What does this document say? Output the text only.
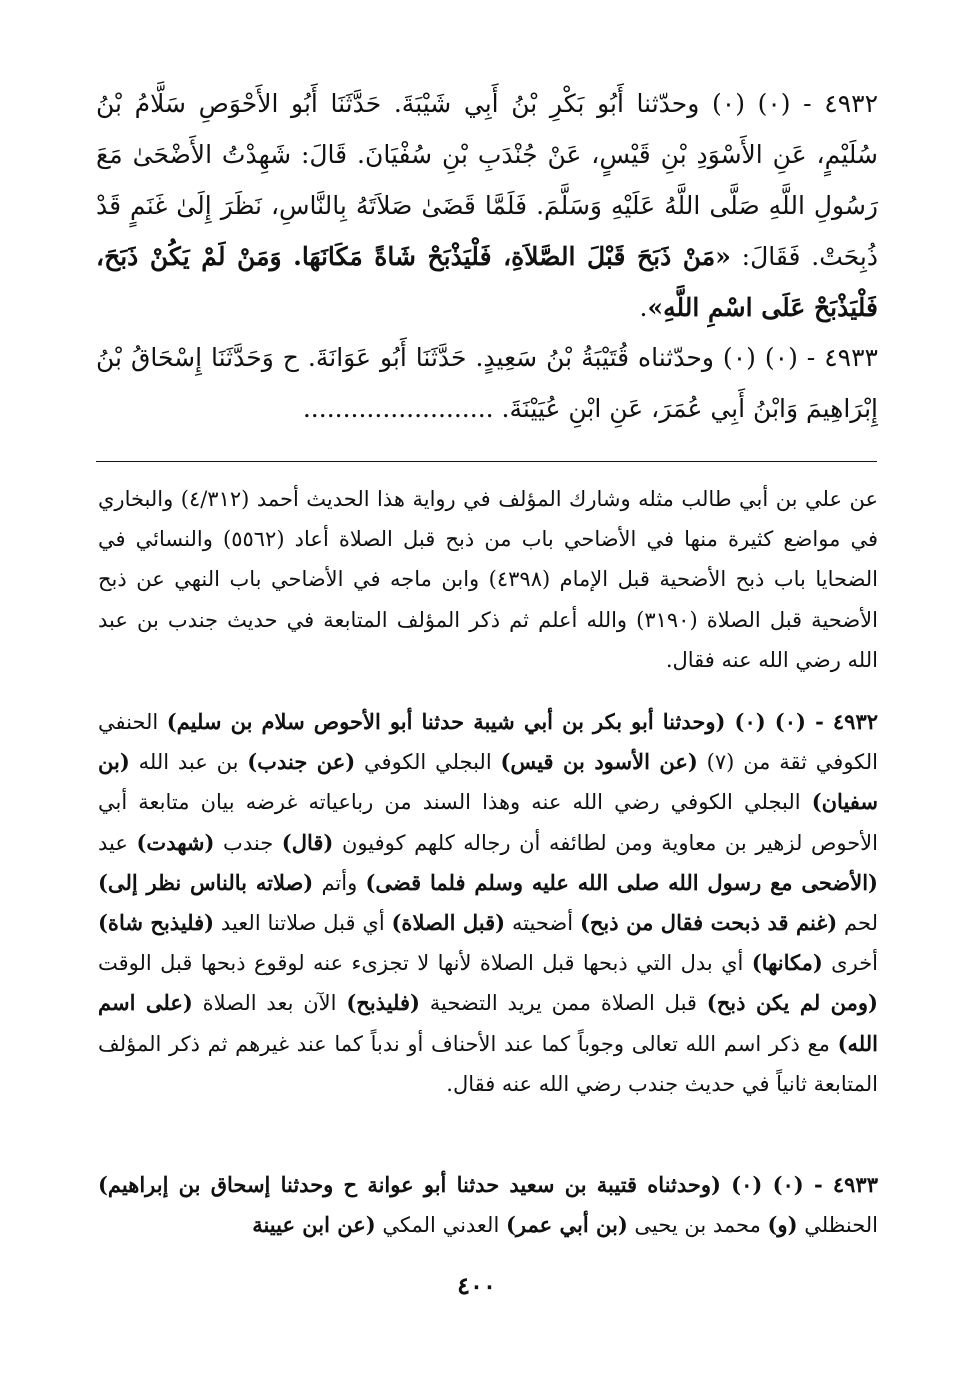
٤٩٣٢ - (٠) (٠) وحدّثنا أَبُو بَكْرِ بْنُ أَبِي شَيْبَةَ. حَدَّثَنَا أَبُو الأَحْوَصِ سَلَّامُ بْنُ سُلَيْمٍ، عَنِ الأَسْوَدِ بْنِ قَيْسٍ، عَنْ جُنْدَبِ بْنِ سُفْيَانَ. قَالَ: شَهِدْتُ الأَضْحَىٰ مَعَ رَسُولِ اللَّهِ صَلَّى اللَّهُ عَلَيْهِ وَسَلَّمَ. فَلَمَّا قَضَىٰ صَلاَتَهُ بِالنَّاسِ، نَظَرَ إِلَىٰ غَنَمٍ قَدْ ذُبِحَتْ. فَقَالَ: «مَنْ ذَبَحَ قَبْلَ الصَّلاَةِ، فَلْيَذْبَحْ شَاةً مَكَانَهَا. وَمَنْ لَمْ يَكُنْ ذَبَحَ، فَلْيَذْبَحْ عَلَى اسْمِ اللَّهِ».

٤٩٣٣ - (٠) (٠) وحدّثناه قُتَيْبَةُ بْنُ سَعِيدٍ. حَدَّثَنَا أَبُو عَوَانَةَ. ح وَحَدَّثَنَا إِسْحَاقُ بْنُ إِبْرَاهِيمَ وَابْنُ أَبِي عُمَرَ، عَنِ ابْنِ عُيَيْنَةَ. ........................

عن علي بن أبي طالب مثله وشارك المؤلف في رواية هذا الحديث أحمد (٤/٣١٢) والبخاري في مواضع كثيرة منها في الأضاحي باب من ذبح قبل الصلاة أعاد (٥٥٦٢) والنسائي في الضحايا باب ذبح الأضحية قبل الإمام (٤٣٩٨) وابن ماجه في الأضاحي باب النهي عن ذبح الأضحية قبل الصلاة (٣١٩٠) والله أعلم ثم ذكر المؤلف المتابعة في حديث جندب بن عبد الله رضي الله عنه فقال.

٤٩٣٢ - (٠) (٠) (وحدثنا أبو بكر بن أبي شيبة حدثنا أبو الأحوص سلام بن سليم) الحنفي الكوفي ثقة من (٧) (عن الأسود بن قيس) البجلي الكوفي (عن جندب) بن عبد الله (بن سفيان) البجلي الكوفي رضي الله عنه وهذا السند من رباعياته غرضه بيان متابعة أبي الأحوص لزهير بن معاوية ومن لطائفه أن رجاله كلهم كوفيون (قال) جندب (شهدت) عيد (الأضحى مع رسول الله صلى الله عليه وسلم فلما قضى) وأتم (صلاته بالناس نظر إلى) لحم (غنم قد ذبحت فقال من ذبح) أضحيته (قبل الصلاة) أي قبل صلاتنا العيد (فليذبح شاة) أخرى (مكانها) أي بدل التي ذبحها قبل الصلاة لأنها لا تجزىء عنه لوقوع ذبحها قبل الوقت (ومن لم يكن ذبح) قبل الصلاة ممن يريد التضحية (فليذبح) الآن بعد الصلاة (على اسم الله) مع ذكر اسم الله تعالى وجوباً كما عند الأحناف أو ندباً كما عند غيرهم ثم ذكر المؤلف المتابعة ثانياً في حديث جندب رضي الله عنه فقال.

٤٩٣٣ - (٠) (٠) (وحدثناه قتيبة بن سعيد حدثنا أبو عوانة ح وحدثنا إسحاق بن إبراهيم) الحنظلي (و) محمد بن يحيى (بن أبي عمر) العدني المكي (عن ابن عيينة

٤٠٠
